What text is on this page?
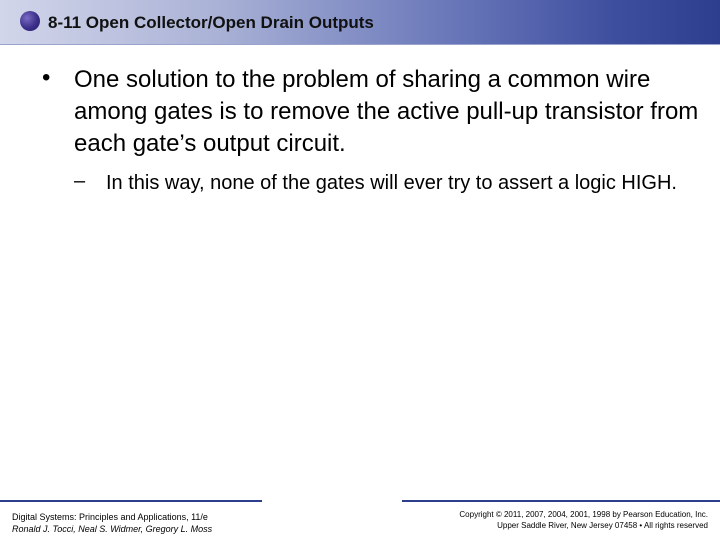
8-11 Open Collector/Open Drain Outputs
• One solution to the problem of sharing a common wire among gates is to remove the active pull-up transistor from each gate’s output circuit.
– In this way, none of the gates will ever try to assert a logic HIGH.
Digital Systems: Principles and Applications, 11/e
Ronald J. Tocci, Neal S. Widmer, Gregory L. Moss
Copyright © 2011, 2007, 2004, 2001, 1998 by Pearson Education, Inc.
Upper Saddle River, New Jersey 07458 • All rights reserved
